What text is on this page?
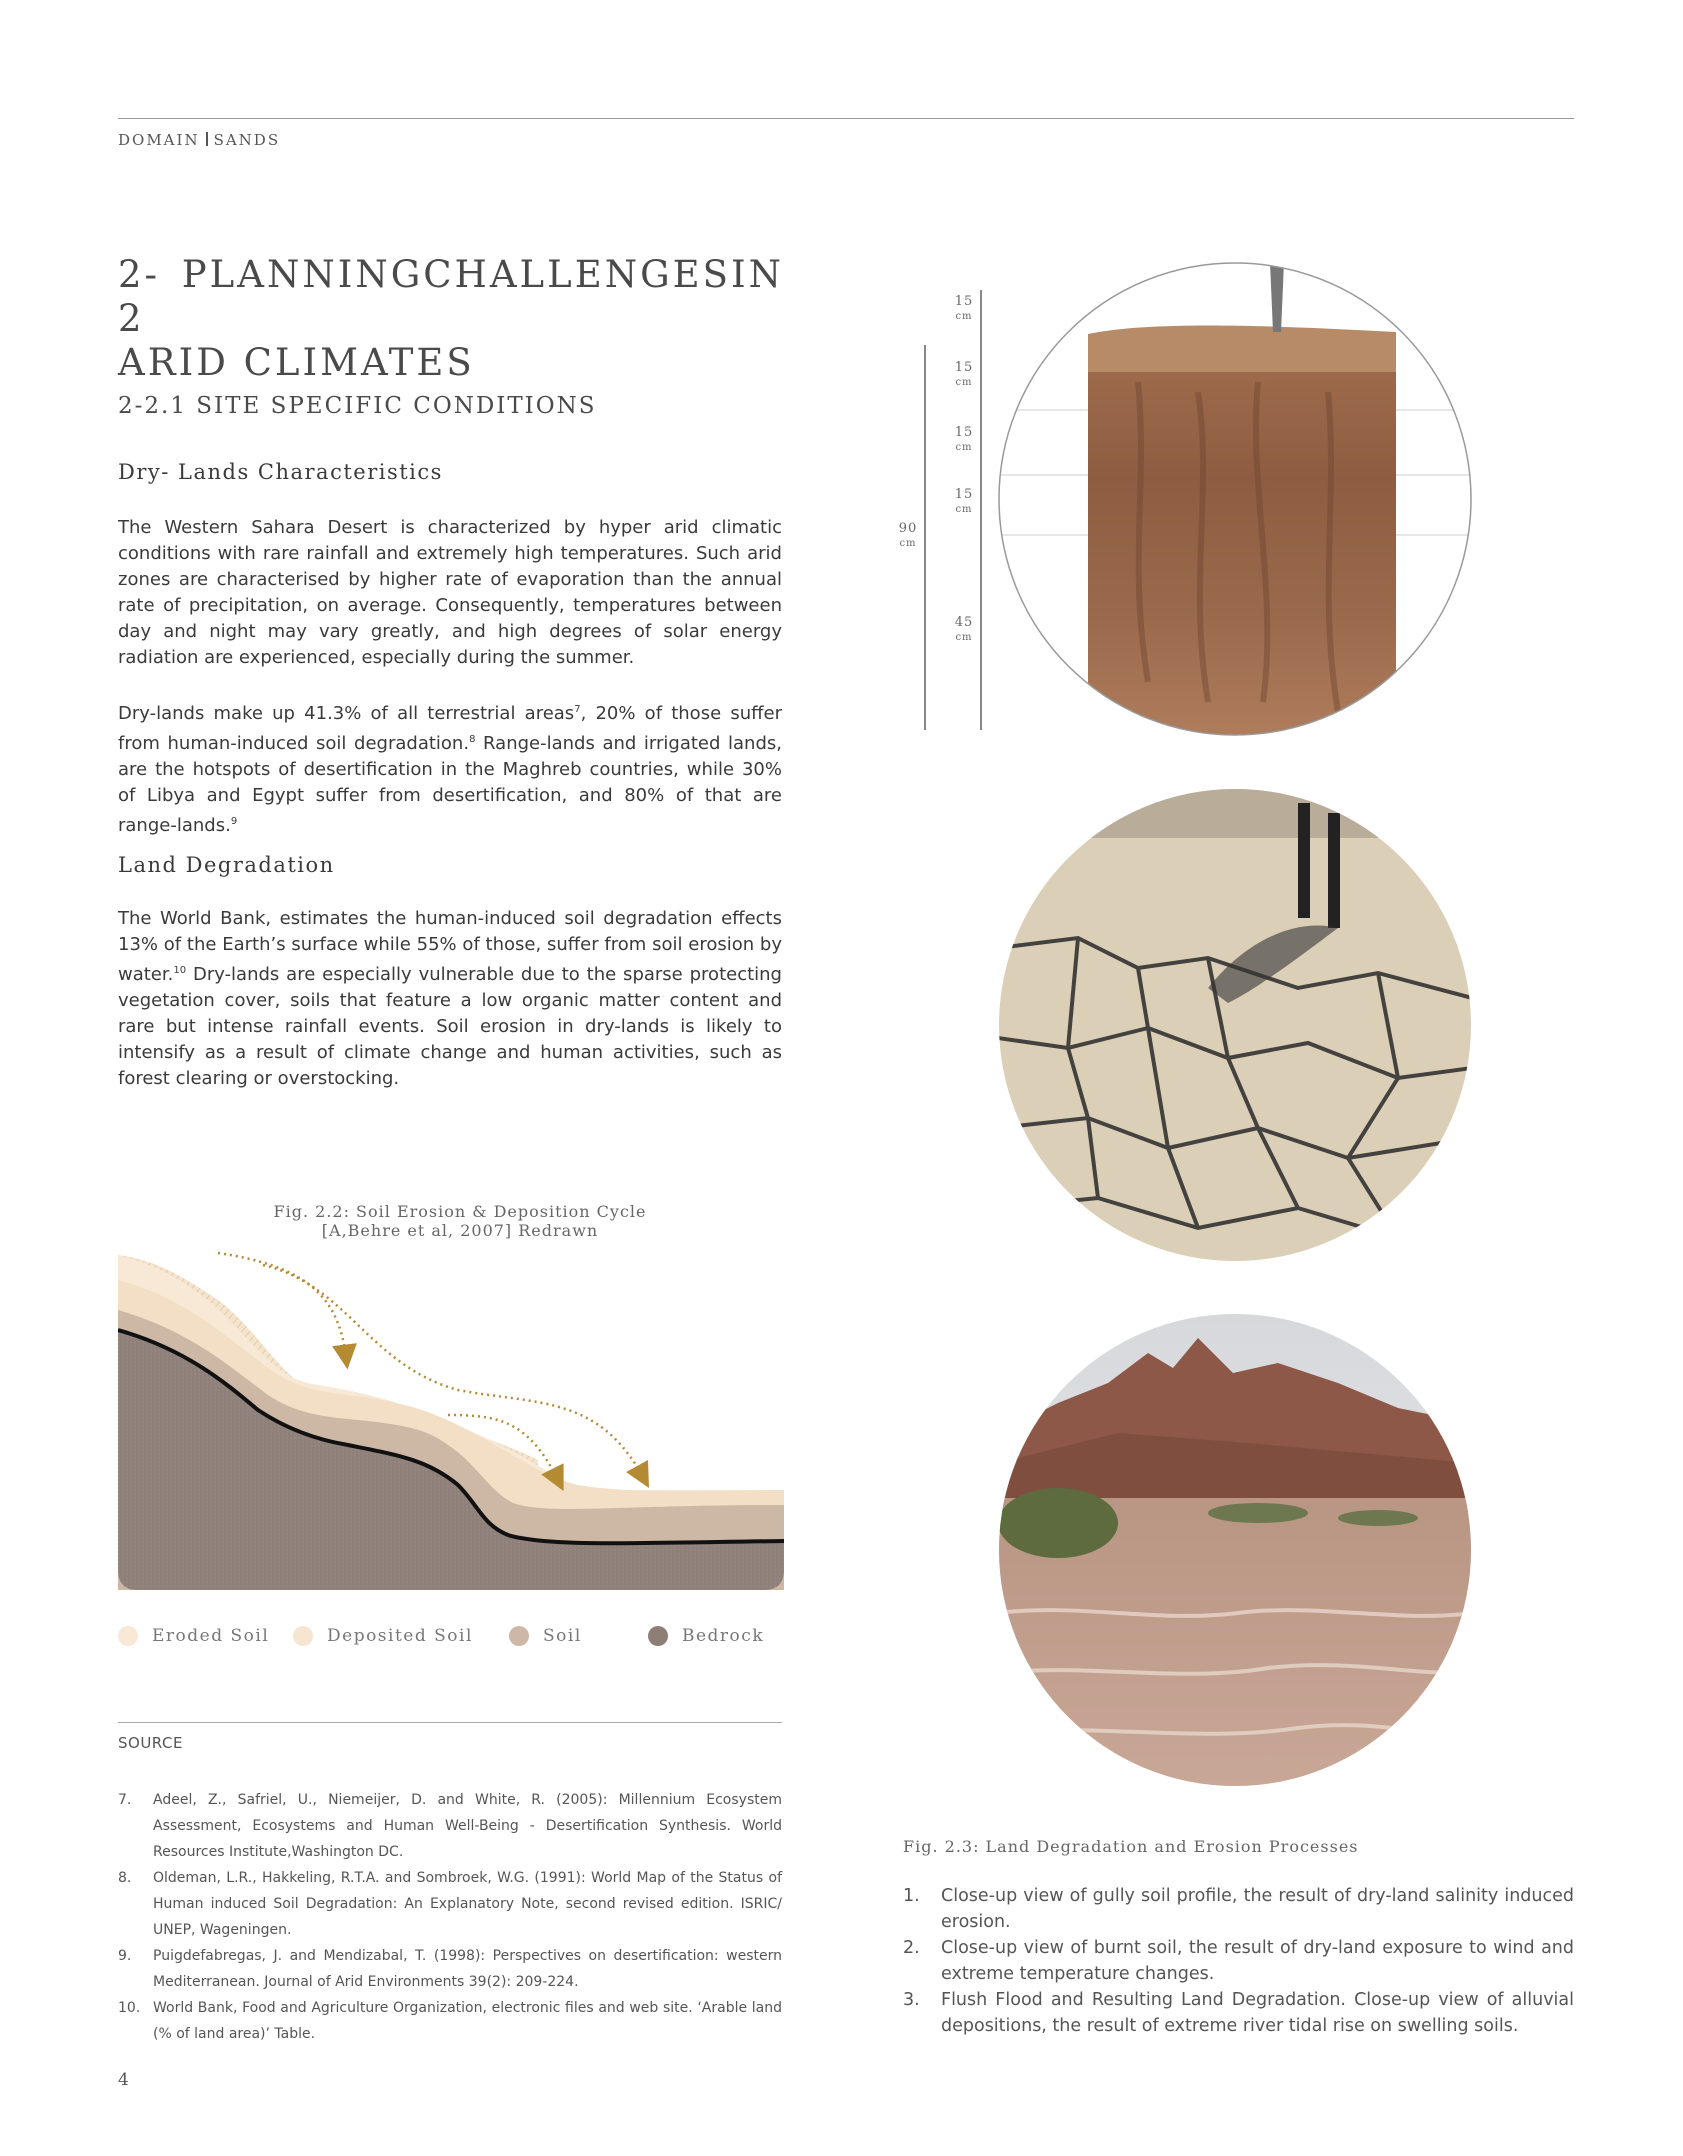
DOMAIN SANDS
2-2
PLANNING CHALLENGES IN
ARID CLIMATES
2-2.1 SITE SPECIFIC CONDITIONS
Dry- Lands Characteristics
The Western Sahara Desert is characterized by hyper arid climatic conditions with rare rainfall and extremely high temperatures. Such arid zones are characterised by higher rate of evaporation than the annual rate of precipitation, on average. Consequently, temperatures between day and night may vary greatly, and high degrees of solar energy radiation are experienced, especially during the summer.
Dry-lands make up 41.3% of all terrestrial areas$^7$, 20% of those suffer from human-induced soil degradation.$^8$ Range-lands and irrigated lands, are the hotspots of desertification in the Maghreb countries, while 30% of Libya and Egypt suffer from desertification, and 80% of that are range-lands.$^9$
Land Degradation
The World Bank, estimates the human-induced soil degradation effects 13% of the Earth’s surface while 55% of those, suffer from soil erosion by water.$^{10}$ Dry-lands are especially vulnerable due to the sparse protecting vegetation cover, soils that feature a low organic matter content and rare but intense rainfall events. Soil erosion in dry-lands is likely to intensify as a result of climate change and human activities, such as forest clearing or overstocking.
Fig. 2.2: Soil Erosion & Deposition Cycle
[A,Behre et al, 2007] Redrawn
Eroded Soil	Deposited Soil	Soil	Bedrock
SOURCE
7.	Adeel, Z., Safriel, U., Niemeijer, D. and White, R. (2005): Millennium Ecosystem Assessment, Ecosystems and Human Well-Being - Desertification Synthesis. World Resources Institute,Washington DC.
8.	Oldeman, L.R., Hakkeling, R.T.A. and Sombroek, W.G. (1991): World Map of the Status of Human induced Soil Degradation: An Explanatory Note, second revised edition. ISRIC/ UNEP, Wageningen.
9.	Puigdefabregas, J. and Mendizabal, T. (1998): Perspectives on desertification: western Mediterranean. Journal of Arid Environments 39(2): 209-224.
10. World Bank, Food and Agriculture Organization, electronic files and web site. ‘Arable land (% of land area)’ Table.
4
90
cm
15
cm
15
cm
15
cm
15
cm
45
cm
Fig. 2.3: Land Degradation and Erosion Processes
1.	Close-up view of gully soil profile, the result of dry-land salinity induced erosion.
2.	Close-up view of burnt soil, the result of dry-land exposure to wind and extreme temperature changes.
3.	Flush Flood and Resulting Land Degradation. Close-up view of alluvial depositions, the result of extreme river tidal rise on swelling soils.
